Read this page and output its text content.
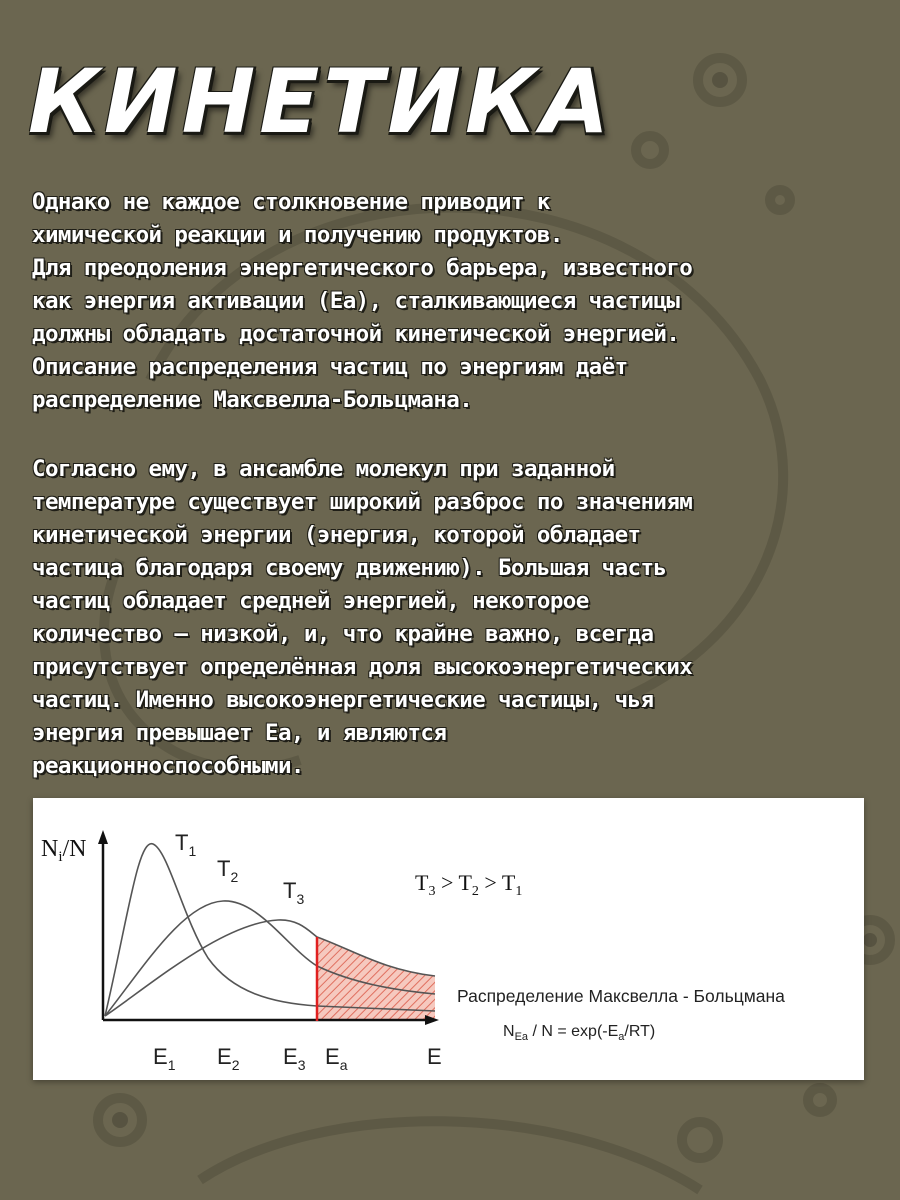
КИНЕТИКА
Однако не каждое столкновение приводит к
химической реакции и получению продуктов.
Для преодоления энергетического барьера, известного
как энергия активации (Еа), сталкивающиеся частицы
должны обладать достаточной кинетической энергией.
Описание распределения частиц по энергиям даёт
распределение Максвелла-Больцмана.
Согласно ему, в ансамбле молекул при заданной
температуре существует широкий разброс по значениям
кинетической энергии (энергия, которой обладает
частица благодаря своему движению). Большая часть
частиц обладает средней энергией, некоторое
количество — низкой, и, что крайне важно, всегда
присутствует определённая доля высокоэнергетических
частиц. Именно высокоэнергетические частицы, чья
энергия превышает Еа, и являются
реакционноспособными.
$N_i/N$	$T_1$
$T_2$
$T_3$
$T_3 > T_2 > T_1$
$E_1$ $E_2$ $E_3$ $E_a$	E
Распределение Максвелла - Больцмана
$N_{Ea} / N = \exp(-E_a/RT)$
